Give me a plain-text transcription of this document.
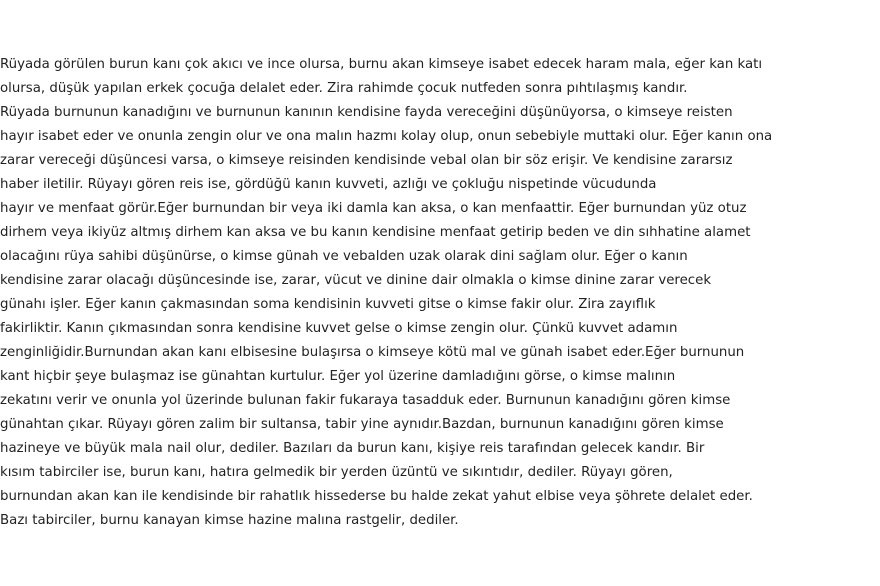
Rüyada görülen burun kanı çok akıcı ve ince olursa, burnu akan kimseye isabet edecek haram mala, eğer kan katı
olursa, düşük yapılan erkek çocuğa delalet eder. Zira rahimde çocuk nutfeden sonra pıhtılaşmış kandır.
Rüyada burnunun kanadığını ve burnunun kanının kendisine fayda vereceğini düşünüyorsa, o kimseye reisten
hayır isabet eder ve onunla zengin olur ve ona malın hazmı kolay olup, onun sebebiyle muttaki olur. Eğer kanın ona
zarar vereceği düşüncesi varsa, o kimseye reisinden kendisinde vebal olan bir söz erişir. Ve kendisine zararsız
haber iletilir. Rüyayı gören reis ise, gördüğü kanın kuvveti, azlığı ve çokluğu nispetinde vücudunda
hayır ve menfaat görür.Eğer burnundan bir veya iki damla kan aksa, o kan menfaattir. Eğer burnundan yüz otuz
dirhem veya ikiyüz altmış dirhem kan aksa ve bu kanın kendisine menfaat getirip beden ve din sıhhatine alamet
olacağını rüya sahibi düşünürse, o kimse günah ve vebalden uzak olarak dini sağlam olur. Eğer o kanın
kendisine zarar olacağı düşüncesinde ise, zarar, vücut ve dinine dair olmakla o kimse dinine zarar verecek
günahı işler. Eğer kanın çakmasından soma kendisinin kuvveti gitse o kimse fakir olur. Zira zayıflık
fakirliktir. Kanın çıkmasından sonra kendisine kuvvet gelse o kimse zengin olur. Çünkü kuvvet adamın
zenginliğidir.Burnundan akan kanı elbisesine bulaşırsa o kimseye kötü mal ve günah isabet eder.Eğer burnunun
kant hiçbir şeye bulaşmaz ise günahtan kurtulur. Eğer yol üzerine damladığını görse, o kimse malının
zekatını verir ve onunla yol üzerinde bulunan fakir fukaraya tasadduk eder. Burnunun kanadığını gören kimse
günahtan çıkar. Rüyayı gören zalim bir sultansa, tabir yine aynıdır.Bazdan, burnunun kanadığını gören kimse
hazineye ve büyük mala nail olur, dediler. Bazıları da burun kanı, kişiye reis tarafından gelecek kandır. Bir
kısım tabirciler ise, burun kanı, hatıra gelmedik bir yerden üzüntü ve sıkıntıdır, dediler. Rüyayı gören,
burnundan akan kan ile kendisinde bir rahatlık hissederse bu halde zekat yahut elbise veya şöhrete delalet eder.
Bazı tabirciler, burnu kanayan kimse hazine malına rastgelir, dediler.
